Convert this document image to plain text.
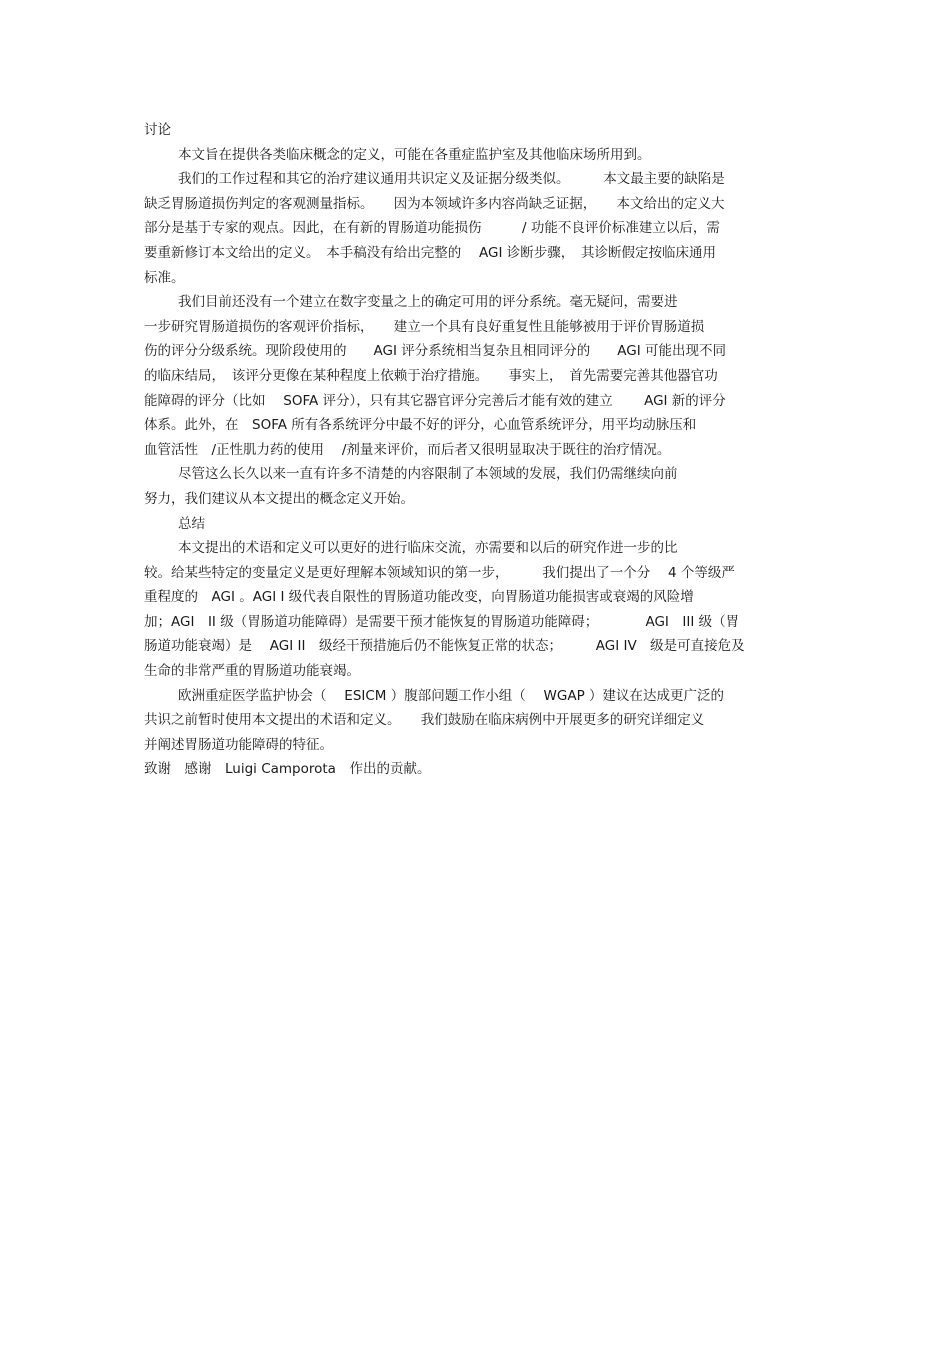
讨论
本文旨在提供各类临床概念的定义，可能在各重症监护室及其他临床场所用到。
我们的工作过程和其它的治疗建议通用共识定义及证据分级类似。　　　本文最主要的缺陷是
缺乏胃肠道损伤判定的客观测量指标。　　因为本领域许多内容尚缺乏证据，　　本文给出的定义大
部分是基于专家的观点。因此，在有新的胃肠道功能损伤　　　/ 功能不良评价标准建立以后，需
要重新修订本文给出的定义。　本手稿没有给出完整的　 AGI 诊断步骤，　其诊断假定按临床通用
标准。
我们目前还没有一个建立在数字变量之上的确定可用的评分系统。毫无疑问，需要进
一步研究胃肠道损伤的客观评价指标，　　建立一个具有良好重复性且能够被用于评价胃肠道损
伤的评分分级系统。现阶段使用的　　AGI 评分系统相当复杂且相同评分的　　AGI 可能出现不同
的临床结局，　该评分更像在某种程度上依赖于治疗措施。　　事实上，　首先需要完善其他器官功
能障碍的评分（比如　 SOFA 评分），只有其它器官评分完善后才能有效的建立　　 AGI 新的评分
体系。此外，在　SOFA 所有各系统评分中最不好的评分，心血管系统评分，用平均动脉压和
血管活性　/正性肌力药的使用　 /剂量来评价，而后者又很明显取决于既往的治疗情况。
尽管这么长久以来一直有许多不清楚的内容限制了本领域的发展，我们仍需继续向前
努力，我们建议从本文提出的概念定义开始。
总结
本文提出的术语和定义可以更好的进行临床交流，亦需要和以后的研究作进一步的比
较。给某些特定的变量定义是更好理解本领域知识的第一步，　　　我们提出了一个分　 4 个等级严
重程度的　AGI 。AGI I 级代表自限性的胃肠道功能改变，向胃肠道功能损害或衰竭的风险增
加；AGI　II 级（胃肠道功能障碍）是需要干预才能恢复的胃肠道功能障碍；　　　　AGI　III 级（胃
肠道功能衰竭）是　 AGI II　级经干预措施后仍不能恢复正常的状态；　　　AGI IV　级是可直接危及
生命的非常严重的胃肠道功能衰竭。
欧洲重症医学监护协会（　 ESICM ）腹部问题工作小组（　 WGAP ）建议在达成更广泛的
共识之前暂时使用本文提出的术语和定义。　　我们鼓励在临床病例中开展更多的研究详细定义
并阐述胃肠道功能障碍的特征。
致谢　感谢　Luigi Camporota　作出的贡献。
